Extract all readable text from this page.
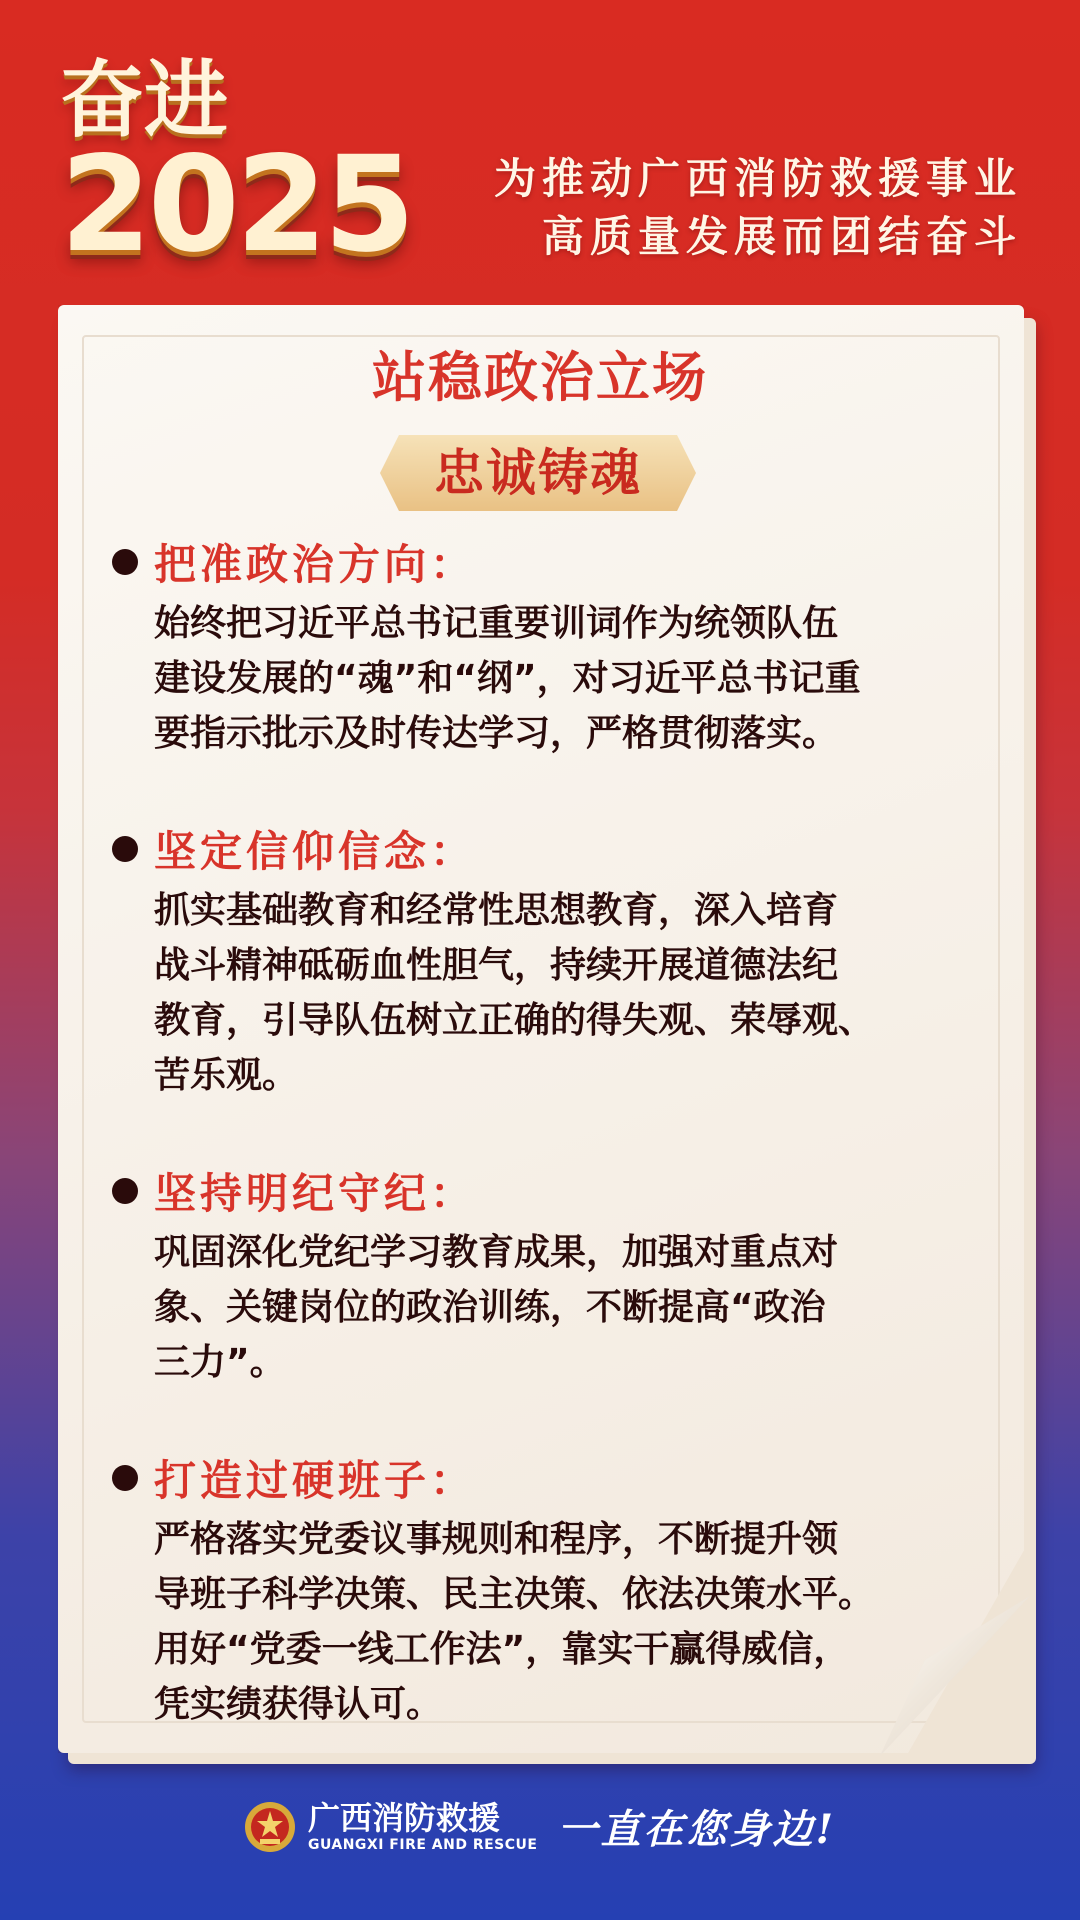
奋进
2025 为推动广西消防救援事业
高质量发展而团结奋斗
站稳政治立场
忠诚铸魂
把准政治方向：
始终把习近平总书记重要训词作为统领队伍
建设发展的“魂”和“纲”，对习近平总书记重
要指示批示及时传达学习，严格贯彻落实。
坚定信仰信念：
抓实基础教育和经常性思想教育，深入培育
战斗精神砥砺血性胆气，持续开展道德法纪
教育，引导队伍树立正确的得失观、荣辱观、
苦乐观。
坚持明纪守纪：
巩固深化党纪学习教育成果，加强对重点对
象、关键岗位的政治训练，不断提高“政治
三力”。
打造过硬班子：
严格落实党委议事规则和程序，不断提升领
导班子科学决策、民主决策、依法决策水平。
用好“党委一线工作法”，靠实干赢得威信，
凭实绩获得认可。
广西消防救援
GUANGXI FIRE AND RESCUE 一直在您身边!
